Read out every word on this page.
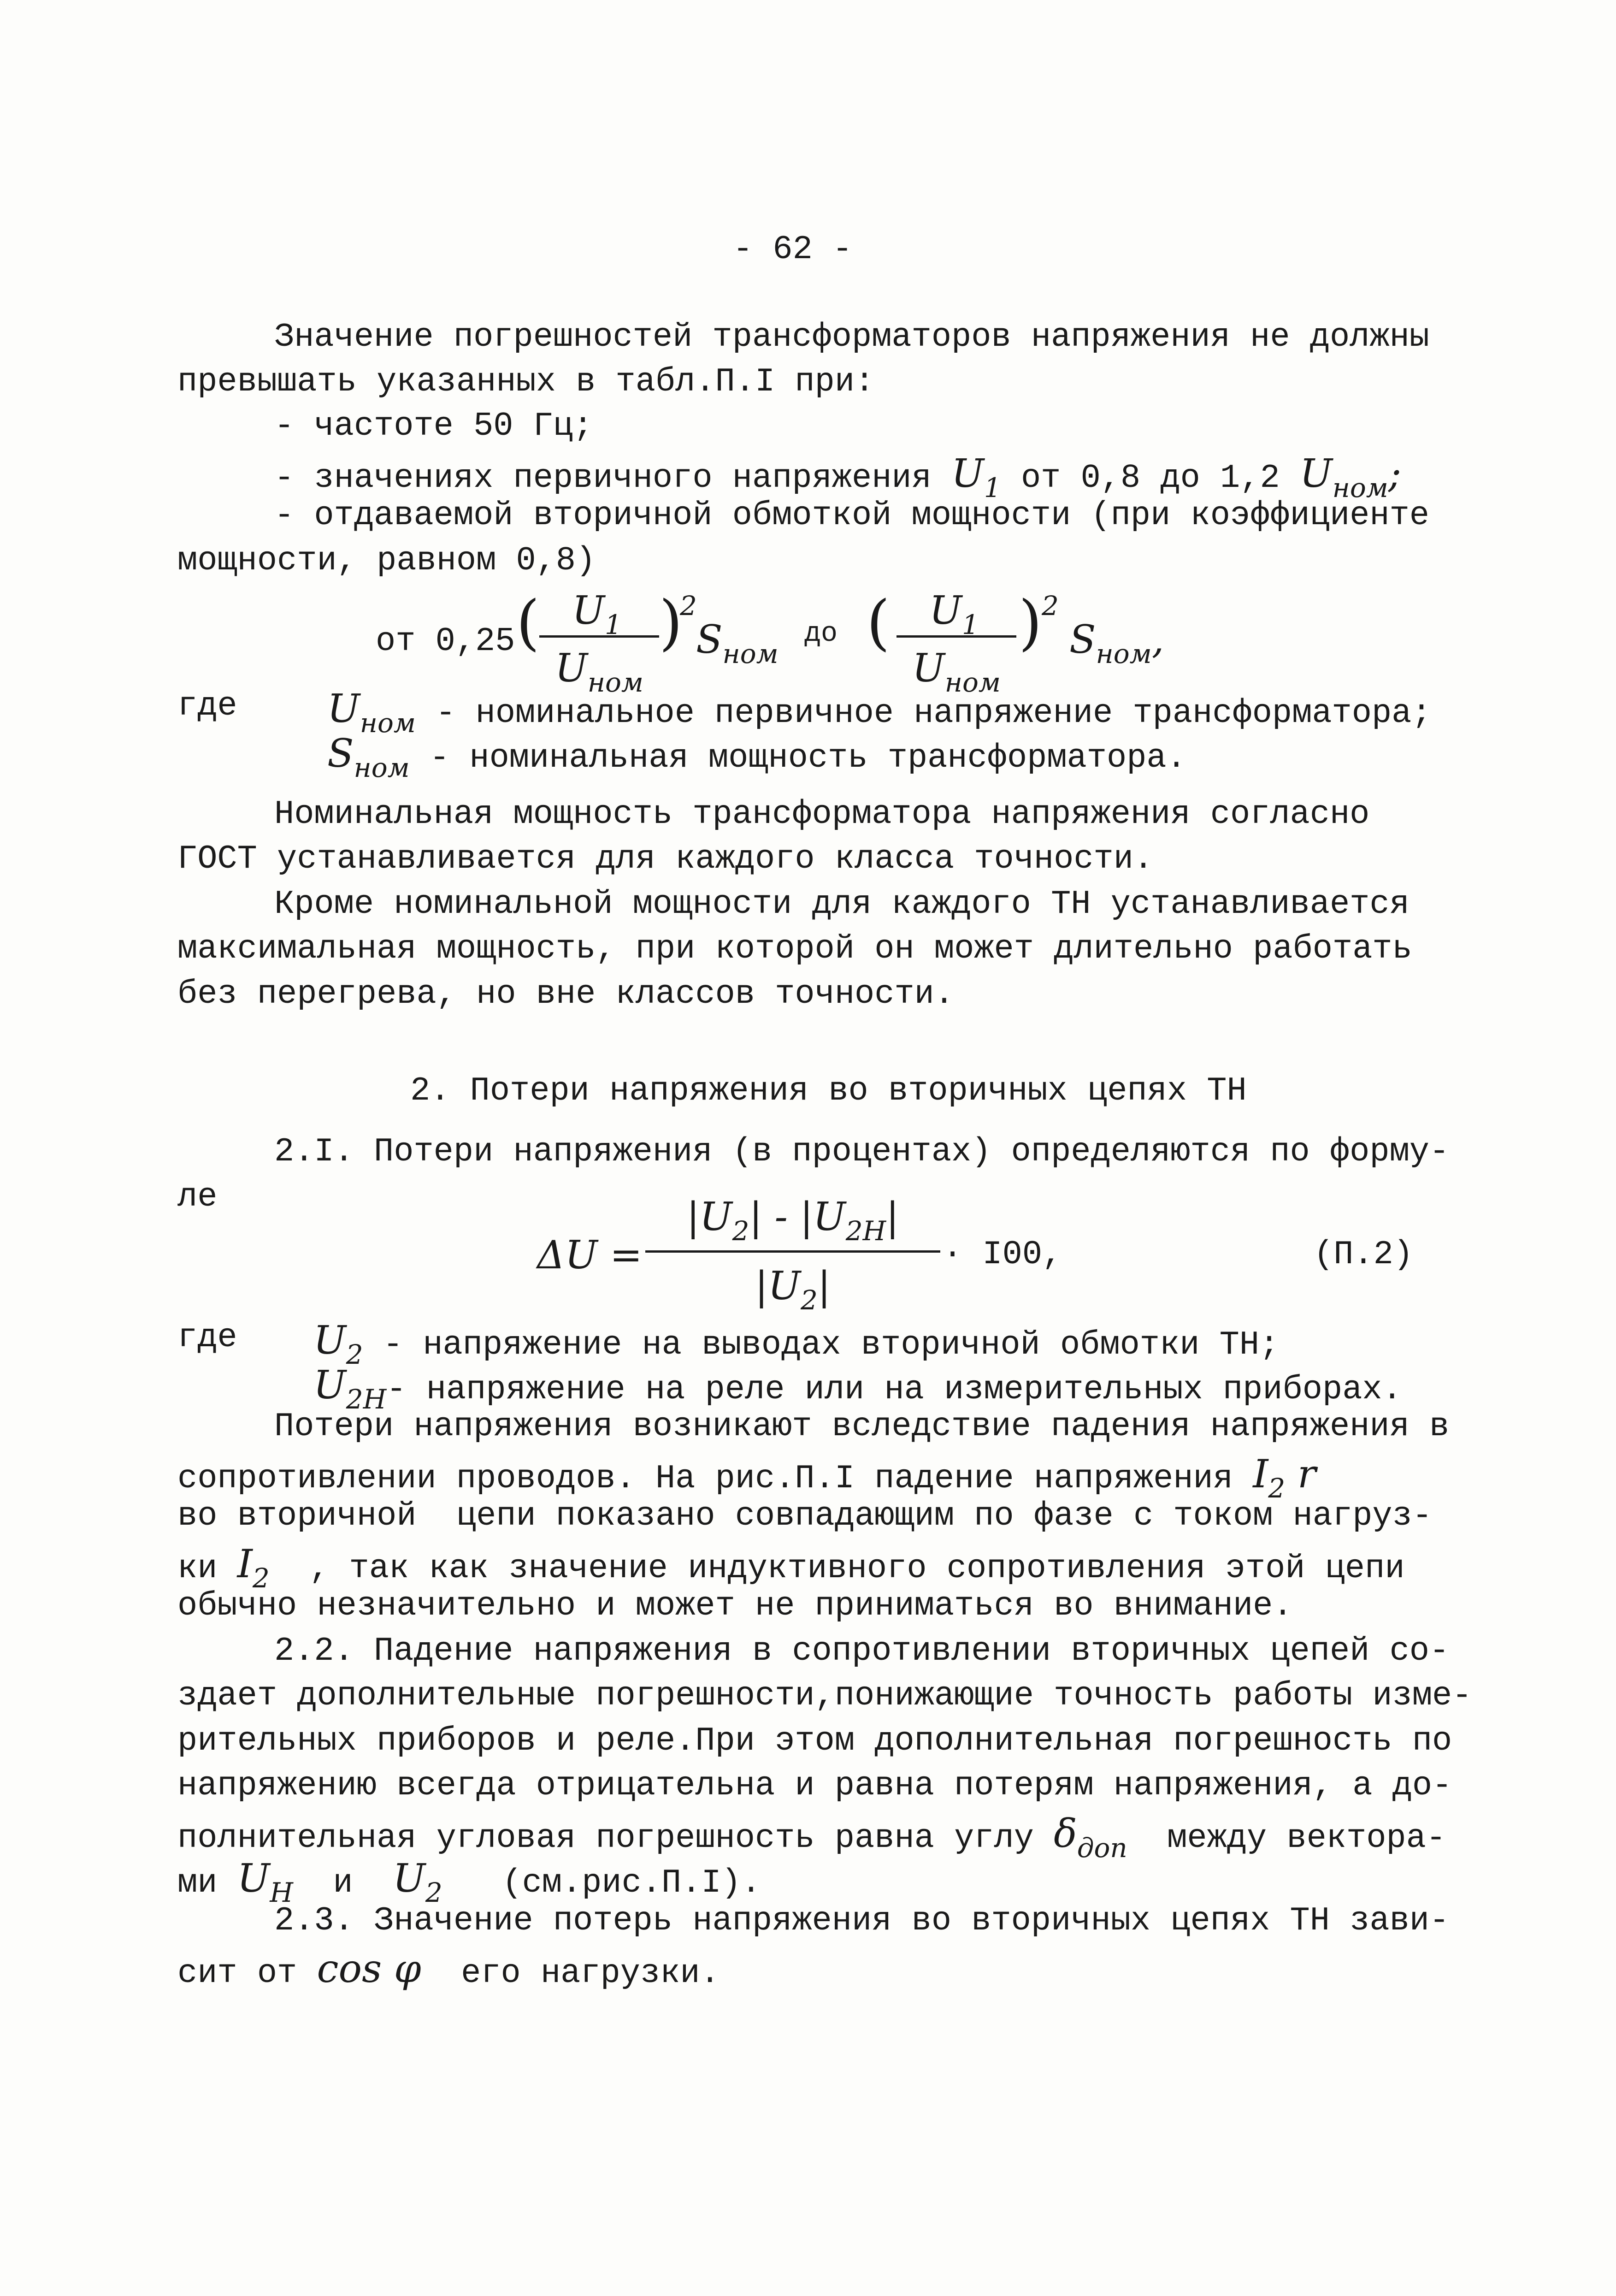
- 62 -
Значение погрешностей трансформаторов напряжения не должны
превышать указанных в табл.П.I при:
- частоте 50 Гц;
- значениях первичного напряжения $U_1$ от 0,8 до 1,2 $U_{ном}$;
- отдаваемой вторичной обмоткой мощности (при коэффициенте
мощности, равном 0,8)
от 0,25 ( $U_1$
$U_{ном}$
)
2
$S_{ном}$
до (	$U_1$
$U_{ном}$
) 2
$S_{ном}$,
где $U_{ном}$ - номинальное первичное напряжение трансформатора;
$S_{ном}$ - номинальная мощность трансформатора.
Номинальная мощность трансформатора напряжения согласно
ГОСТ устанавливается для каждого класса точности.
Кроме номинальной мощности для каждого ТН устанавливается
максимальная мощность, при которой он может длительно работать
без перегрева, но вне классов точности.
2. Потери напряжения во вторичных цепях ТН
2.I. Потери напряжения (в процентах) определяются по форму-
ле
ΔU =
$|U_2| - |U_{2H}|$
$|U_2|$
· I00,	(П.2)
где $U_2$ - напряжение на выводах вторичной обмотки ТН;
$U_{2H}-$ напряжение на реле или на измерительных приборах.
Потери напряжения возникают вследствие падения напряжения в
сопротивлении проводов. На рис.П.I падение напряжения $I_2$ r
во вторичной  цепи показано совпадающим по фазе с током нагруз-
ки $I_2$  , так как значение индуктивного сопротивления этой цепи
обычно незначительно и может не приниматься во внимание.
2.2. Падение напряжения в сопротивлении вторичных цепей со-
здает дополнительные погрешности,понижающие точность работы изме-
рительных приборов и реле.При этом дополнительная погрешность по
напряжению всегда отрицательна и равна потерям напряжения, а до-
полнительная угловая погрешность равна углу $\delta_{доп}$  между вектора-
ми $U_H$  и  $U_2$   (см.рис.П.I).
2.3. Значение потерь напряжения во вторичных цепях ТН зави-
сит от cos φ  его нагрузки.
